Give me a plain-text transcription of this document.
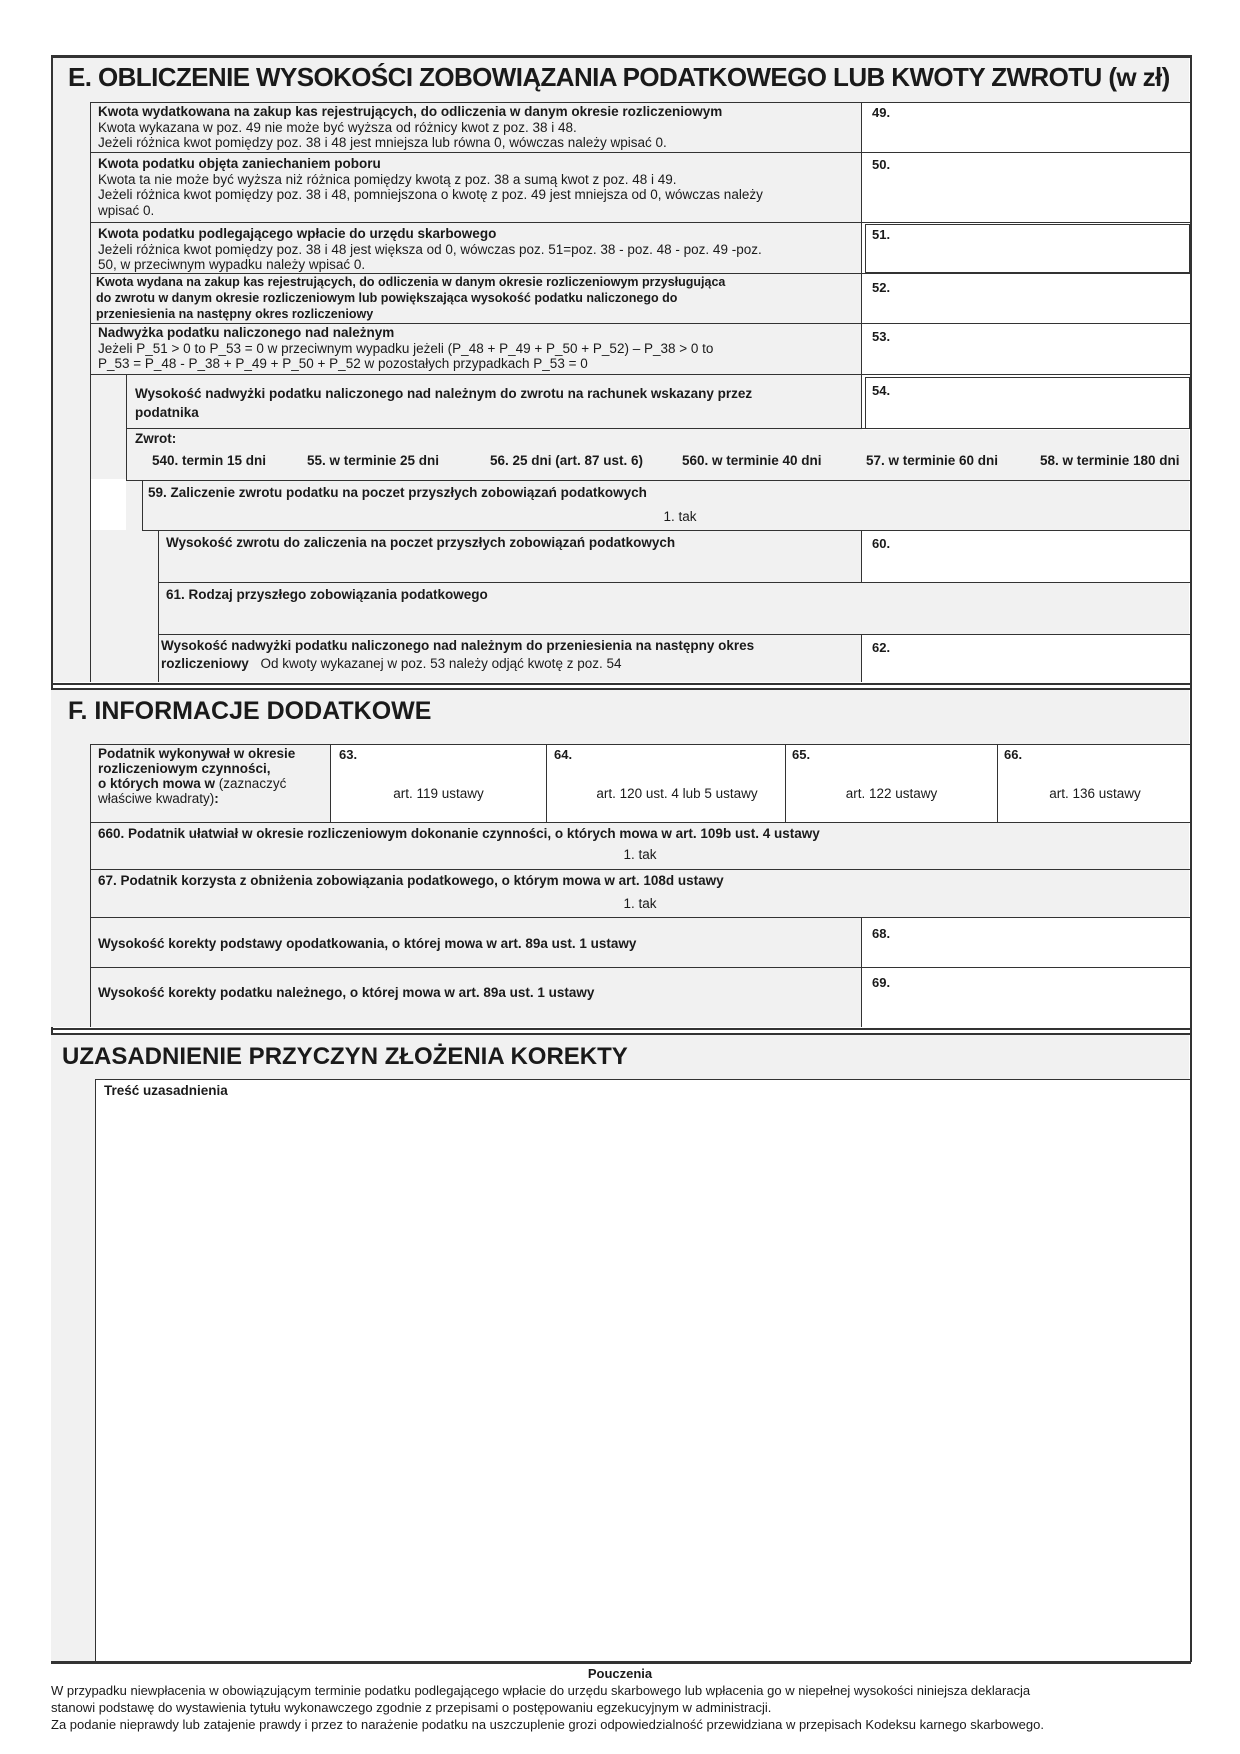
E. OBLICZENIE WYSOKOŚCI ZOBOWIĄZANIA PODATKOWEGO LUB KWOTY ZWROTU (w zł)
Kwota wydatkowana na zakup kas rejestrujących, do odliczenia w danym okresie rozliczeniowym
Kwota wykazana w poz. 49 nie może być wyższa od różnicy kwot z poz. 38 i 48.
Jeżeli różnica kwot pomiędzy poz. 38 i 48 jest mniejsza lub równa 0, wówczas należy wpisać 0.
49.
Kwota podatku objęta zaniechaniem poboru
Kwota ta nie może być wyższa niż różnica pomiędzy kwotą z poz. 38 a sumą kwot z poz. 48 i 49.
Jeżeli różnica kwot pomiędzy poz. 38 i 48, pomniejszona o kwotę z poz. 49 jest mniejsza od 0, wówczas należy
wpisać 0.
50.
Kwota podatku podlegającego wpłacie do urzędu skarbowego
Jeżeli różnica kwot pomiędzy poz. 38 i 48 jest większa od 0, wówczas poz. 51=poz. 38 - poz. 48 - poz. 49 -poz.
50, w przeciwnym wypadku należy wpisać 0.
51.
Kwota wydana na zakup kas rejestrujących, do odliczenia w danym okresie rozliczeniowym przysługująca
do zwrotu w danym okresie rozliczeniowym lub powiększająca wysokość podatku naliczonego do
przeniesienia na następny okres rozliczeniowy
52.
Nadwyżka podatku naliczonego nad należnym
Jeżeli P_51 > 0 to P_53 = 0 w przeciwnym wypadku jeżeli (P_48 + P_49 + P_50 + P_52) – P_38 > 0 to
P_53 = P_48 - P_38 + P_49 + P_50 + P_52 w pozostałych przypadkach P_53 = 0
53.
Wysokość nadwyżki podatku naliczonego nad należnym do zwrotu na rachunek wskazany przez
podatnika
54.
Zwrot:
540. termin 15 dni	55. w terminie 25 dni	56. 25 dni (art. 87 ust. 6)	560. w terminie 40 dni	57. w terminie 60 dni	58. w terminie 180 dni
59. Zaliczenie zwrotu podatku na poczet przyszłych zobowiązań podatkowych
1. tak
Wysokość zwrotu do zaliczenia na poczet przyszłych zobowiązań podatkowych	60.
61. Rodzaj przyszłego zobowiązania podatkowego
Wysokość nadwyżki podatku naliczonego nad należnym do przeniesienia na następny okres
rozliczeniowy Od kwoty wykazanej w poz. 53 należy odjąć kwotę z poz. 54
62.
F. INFORMACJE DODATKOWE
Podatnik wykonywał w okresie
rozliczeniowym czynności,
o których mowa w (zaznaczyć
właściwe kwadraty):
63.
art. 119 ustawy
64.
art. 120 ust. 4 lub 5 ustawy
65.
art. 122 ustawy
66.
art. 136 ustawy
660. Podatnik ułatwiał w okresie rozliczeniowym dokonanie czynności, o których mowa w art. 109b ust. 4 ustawy
1. tak
67. Podatnik korzysta z obniżenia zobowiązania podatkowego, o którym mowa w art. 108d ustawy
1. tak
Wysokość korekty podstawy opodatkowania, o której mowa w art. 89a ust. 1 ustawy
68.
Wysokość korekty podatku należnego, o której mowa w art. 89a ust. 1 ustawy
69.
UZASADNIENIE PRZYCZYN ZŁOŻENIA KOREKTY
Treść uzasadnienia
Pouczenia
W przypadku niewpłacenia w obowiązującym terminie podatku podlegającego wpłacie do urzędu skarbowego lub wpłacenia go w niepełnej wysokości niniejsza deklaracja
stanowi podstawę do wystawienia tytułu wykonawczego zgodnie z przepisami o postępowaniu egzekucyjnym w administracji.
Za podanie nieprawdy lub zatajenie prawdy i przez to narażenie podatku na uszczuplenie grozi odpowiedzialność przewidziana w przepisach Kodeksu karnego skarbowego.
